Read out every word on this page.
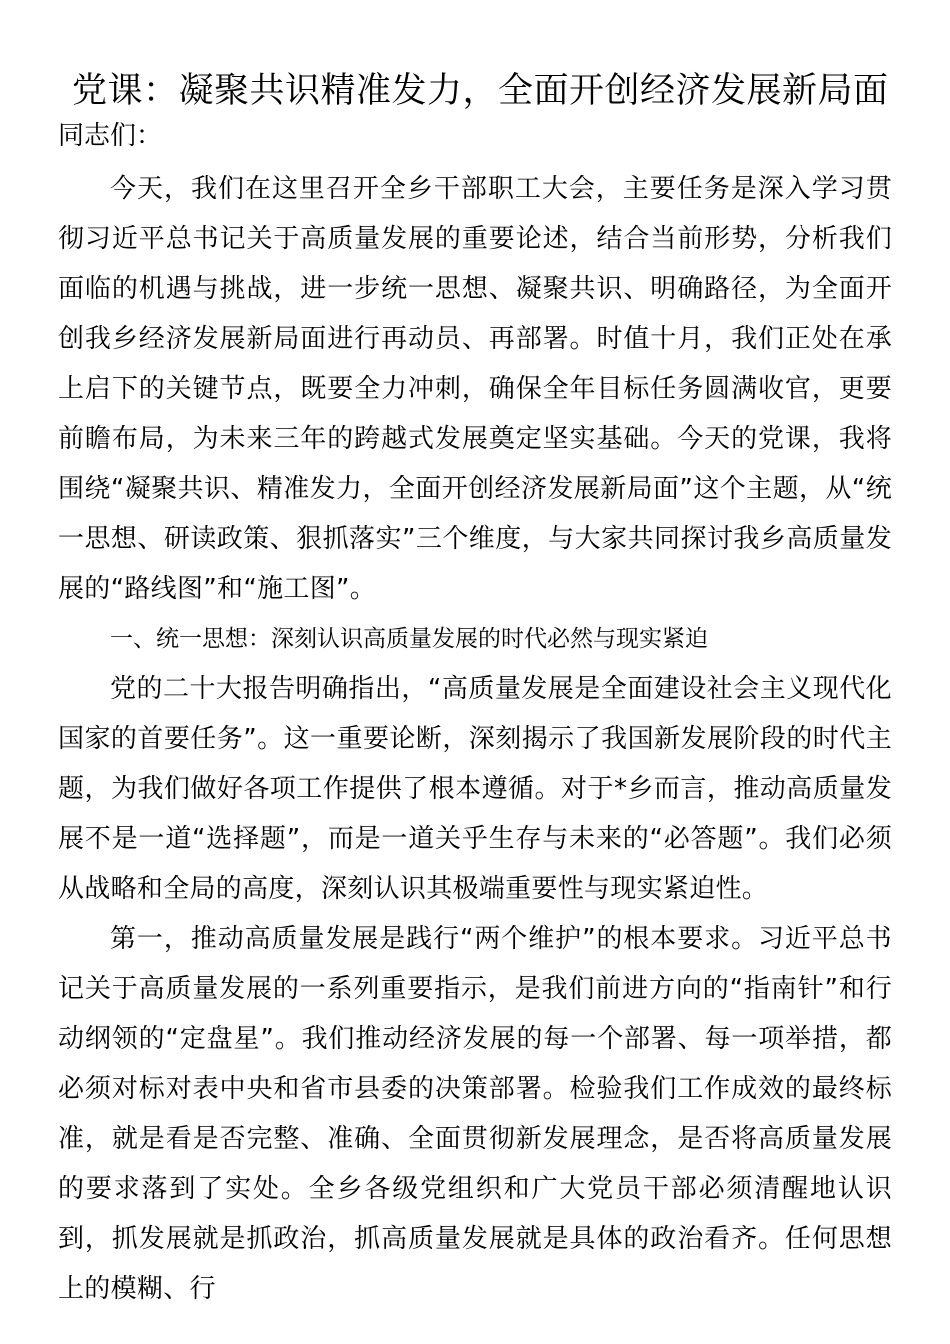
党课：凝聚共识精准发力，全面开创经济发展新局面

同志们：

今天，我们在这里召开全乡干部职工大会，主要任务是深入学习贯彻习近平总书记关于高质量发展的重要论述，结合当前形势，分析我们面临的机遇与挑战，进一步统一思想、凝聚共识、明确路径，为全面开创我乡经济发展新局面进行再动员、再部署。时值十月，我们正处在承上启下的关键节点，既要全力冲刺，确保全年目标任务圆满收官，更要前瞻布局，为未来三年的跨越式发展奠定坚实基础。今天的党课，我将围绕“凝聚共识、精准发力，全面开创经济发展新局面”这个主题，从“统一思想、研读政策、狠抓落实”三个维度，与大家共同探讨我乡高质量发展的“路线图”和“施工图”。

一、统一思想：深刻认识高质量发展的时代必然与现实紧迫

党的二十大报告明确指出，“高质量发展是全面建设社会主义现代化国家的首要任务”。这一重要论断，深刻揭示了我国新发展阶段的时代主题，为我们做好各项工作提供了根本遵循。对于*乡而言，推动高质量发展不是一道“选择题”，而是一道关乎生存与未来的“必答题”。我们必须从战略和全局的高度，深刻认识其极端重要性与现实紧迫性。

第一，推动高质量发展是践行“两个维护”的根本要求。习近平总书记关于高质量发展的一系列重要指示，是我们前进方向的“指南针”和行动纲领的“定盘星”。我们推动经济发展的每一个部署、每一项举措，都必须对标对表中央和省市县委的决策部署。检验我们工作成效的最终标准，就是看是否完整、准确、全面贯彻新发展理念，是否将高质量发展的要求落到了实处。全乡各级党组织和广大党员干部必须清醒地认识到，抓发展就是抓政治，抓高质量发展就是具体的政治看齐。任何思想上的模糊、行
